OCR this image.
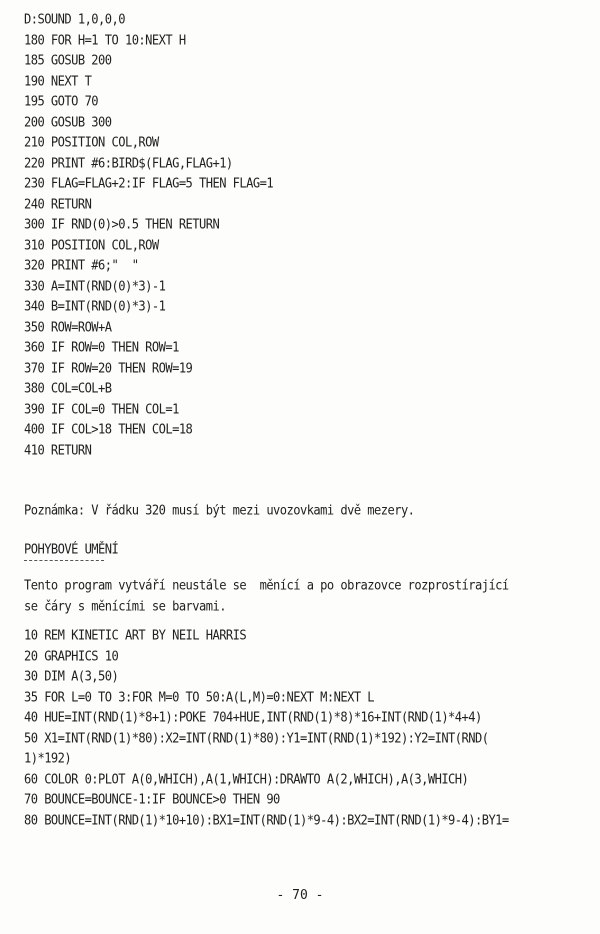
D:SOUND 1,0,0,0
180 FOR H=1 TO 10:NEXT H
185 GOSUB 200
190 NEXT T
195 GOTO 70
200 GOSUB 300
210 POSITION COL,ROW
220 PRINT #6:BIRD$(FLAG,FLAG+1)
230 FLAG=FLAG+2:IF FLAG=5 THEN FLAG=1
240 RETURN
300 IF RND(0)>0.5 THEN RETURN
310 POSITION COL,ROW
320 PRINT #6;"  "
330 A=INT(RND(0)*3)-1
340 B=INT(RND(0)*3)-1
350 ROW=ROW+A
360 IF ROW=0 THEN ROW=1
370 IF ROW=20 THEN ROW=19
380 COL=COL+B
390 IF COL=0 THEN COL=1
400 IF COL>18 THEN COL=18
410 RETURN
Poznámka: V řádku 320 musí být mezi uvozovkami dvě mezery.
POHYBOVÉ UMĚNÍ
Tento program vytváří neustále se  měnící a po obrazovce rozprostírající
se čáry s měnícími se barvami.
10 REM KINETIC ART BY NEIL HARRIS
20 GRAPHICS 10
30 DIM A(3,50)
35 FOR L=0 TO 3:FOR M=0 TO 50:A(L,M)=0:NEXT M:NEXT L
40 HUE=INT(RND(1)*8+1):POKE 704+HUE,INT(RND(1)*8)*16+INT(RND(1)*4+4)
50 X1=INT(RND(1)*80):X2=INT(RND(1)*80):Y1=INT(RND(1)*192):Y2=INT(RND(
1)*192)
60 COLOR 0:PLOT A(0,WHICH),A(1,WHICH):DRAWTO A(2,WHICH),A(3,WHICH)
70 BOUNCE=BOUNCE-1:IF BOUNCE>0 THEN 90
80 BOUNCE=INT(RND(1)*10+10):BX1=INT(RND(1)*9-4):BX2=INT(RND(1)*9-4):BY1=
- 70 -
